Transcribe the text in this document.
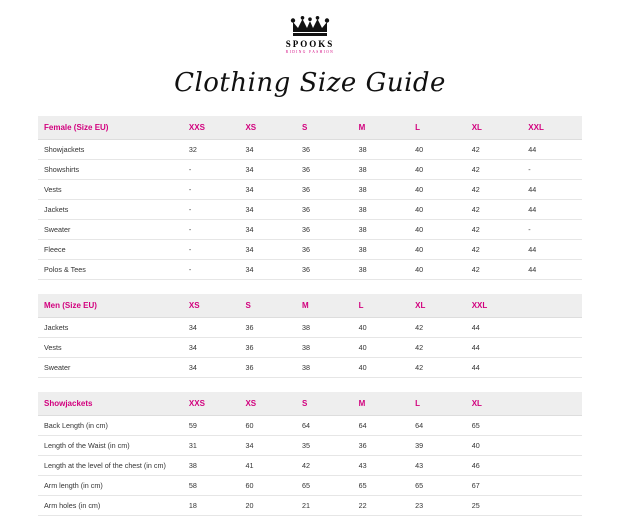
SPOOKS
RIDING FASHION
Clothing Size Guide
Female (Size EU)	XXS	XS	S	M	L	XL	XXL
Showjackets	32	34	36	38	40	42	44
Showshirts	-	34	36	38	40	42	-
Vests	-	34	36	38	40	42	44
Jackets	-	34	36	38	40	42	44
Sweater	-	34	36	38	40	42	-
Fleece	-	34	36	38	40	42	44
Polos & Tees	-	34	36	38	40	42	44
Men (Size EU)	XS	S	M	L	XL	XXL	
Jackets	34	36	38	40	42	44	
Vests	34	36	38	40	42	44	
Sweater	34	36	38	40	42	44	
Showjackets	XXS	XS	S	M	L	XL	
Back Length (in cm)	59	60	64	64	64	65	
Length of the Waist (in cm)	31	34	35	36	39	40	
Length at the level of the chest (in cm)	38	41	42	43	43	46	
Arm length (in cm)	58	60	65	65	65	67	
Arm holes (in cm)	18	20	21	22	23	25	
